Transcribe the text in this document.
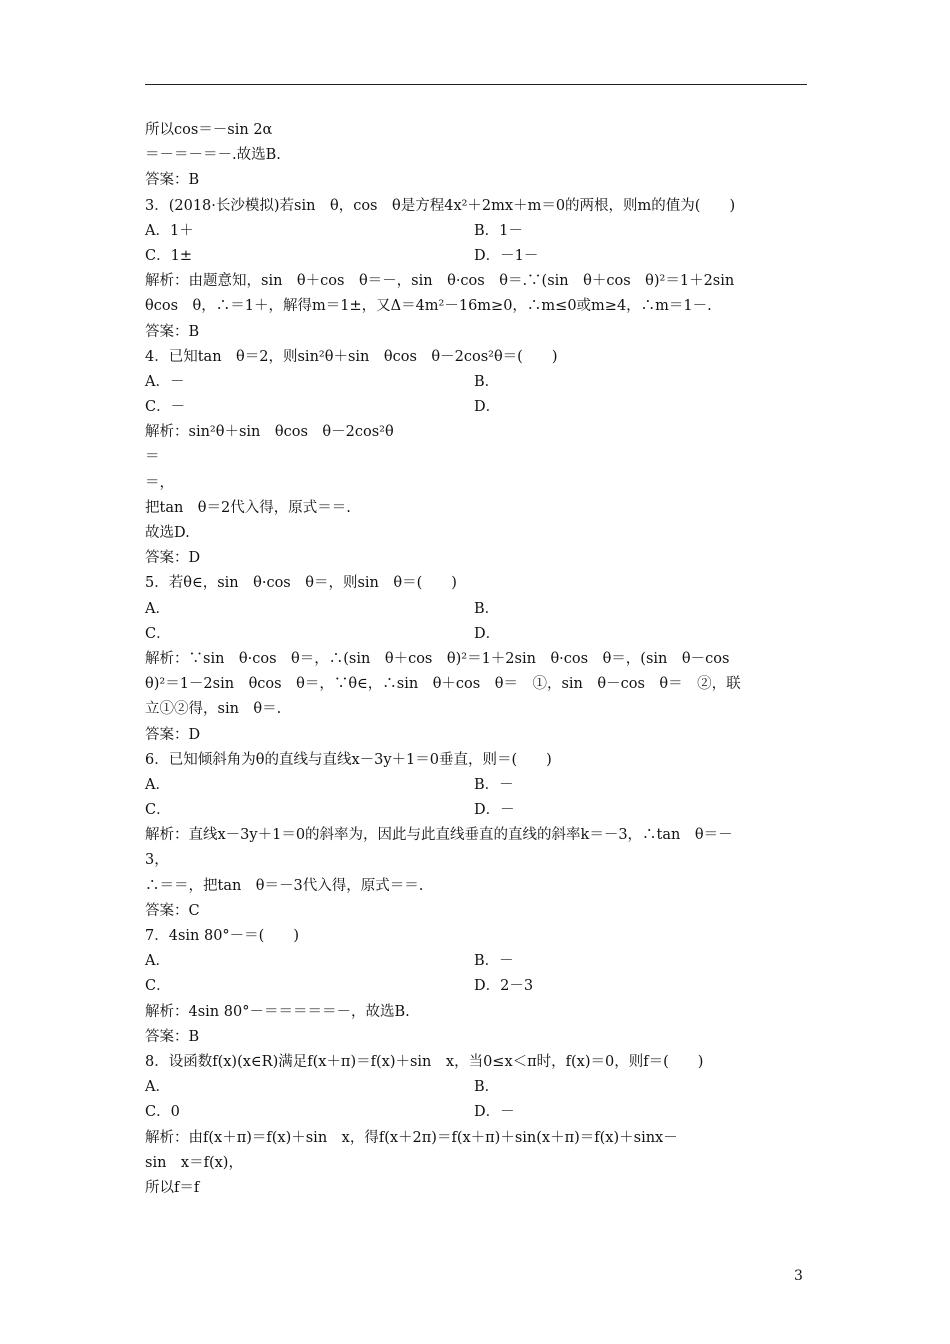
所以cos＝－sin 2α
＝－＝－＝－.故选B.
答案：B
3．(2018·长沙模拟)若sin　θ，cos　θ是方程4x²＋2mx＋m＝0的两根，则m的值为(　　)
A．1＋	B．1－
C．1±	D．－1－
解析：由题意知，sin　θ＋cos　θ＝－，sin　θ·cos　θ＝.∵(sin　θ＋cos　θ)²＝1＋2sin
θcos　θ，∴＝1＋，解得m＝1±，又Δ＝4m²－16m≥0，∴m≤0或m≥4，∴m＝1－.
答案：B
4．已知tan　θ＝2，则sin²θ＋sin　θcos　θ－2cos²θ＝(　　)
A．－	B．
C．－	D．
解析：sin²θ＋sin　θcos　θ－2cos²θ
＝
＝，
把tan　θ＝2代入得，原式＝＝.
故选D.
答案：D
5．若θ∈，sin　θ·cos　θ＝，则sin　θ＝(　　)
A．	B．
C．	D．
解析：∵sin　θ·cos　θ＝，∴(sin　θ＋cos　θ)²＝1＋2sin　θ·cos　θ＝，(sin　θ－cos
θ)²＝1－2sin　θcos　θ＝，∵θ∈，∴sin　θ＋cos　θ＝　①，sin　θ－cos　θ＝　②，联
立①②得，sin　θ＝.
答案：D
6．已知倾斜角为θ的直线与直线x－3y＋1＝0垂直，则＝(　　)
A．	B．－
C．	D．－
解析：直线x－3y＋1＝0的斜率为，因此与此直线垂直的直线的斜率k＝－3，∴tan　θ＝－
3，
∴＝＝，把tan　θ＝－3代入得，原式＝＝.
答案：C
7．4sin 80°－＝(　　)
A．	B．－
C．	D．2－3
解析：4sin 80°－＝＝＝＝＝－，故选B.
答案：B
8．设函数f(x)(x∈R)满足f(x＋π)＝f(x)＋sin　x，当0≤x＜π时，f(x)＝0，则f＝(　　)
A．	B．
C．0	D．－
解析：由f(x＋π)＝f(x)＋sin　x，得f(x＋2π)＝f(x＋π)＋sin(x＋π)＝f(x)＋sinx－
sin　x＝f(x)，
所以f＝f
3
